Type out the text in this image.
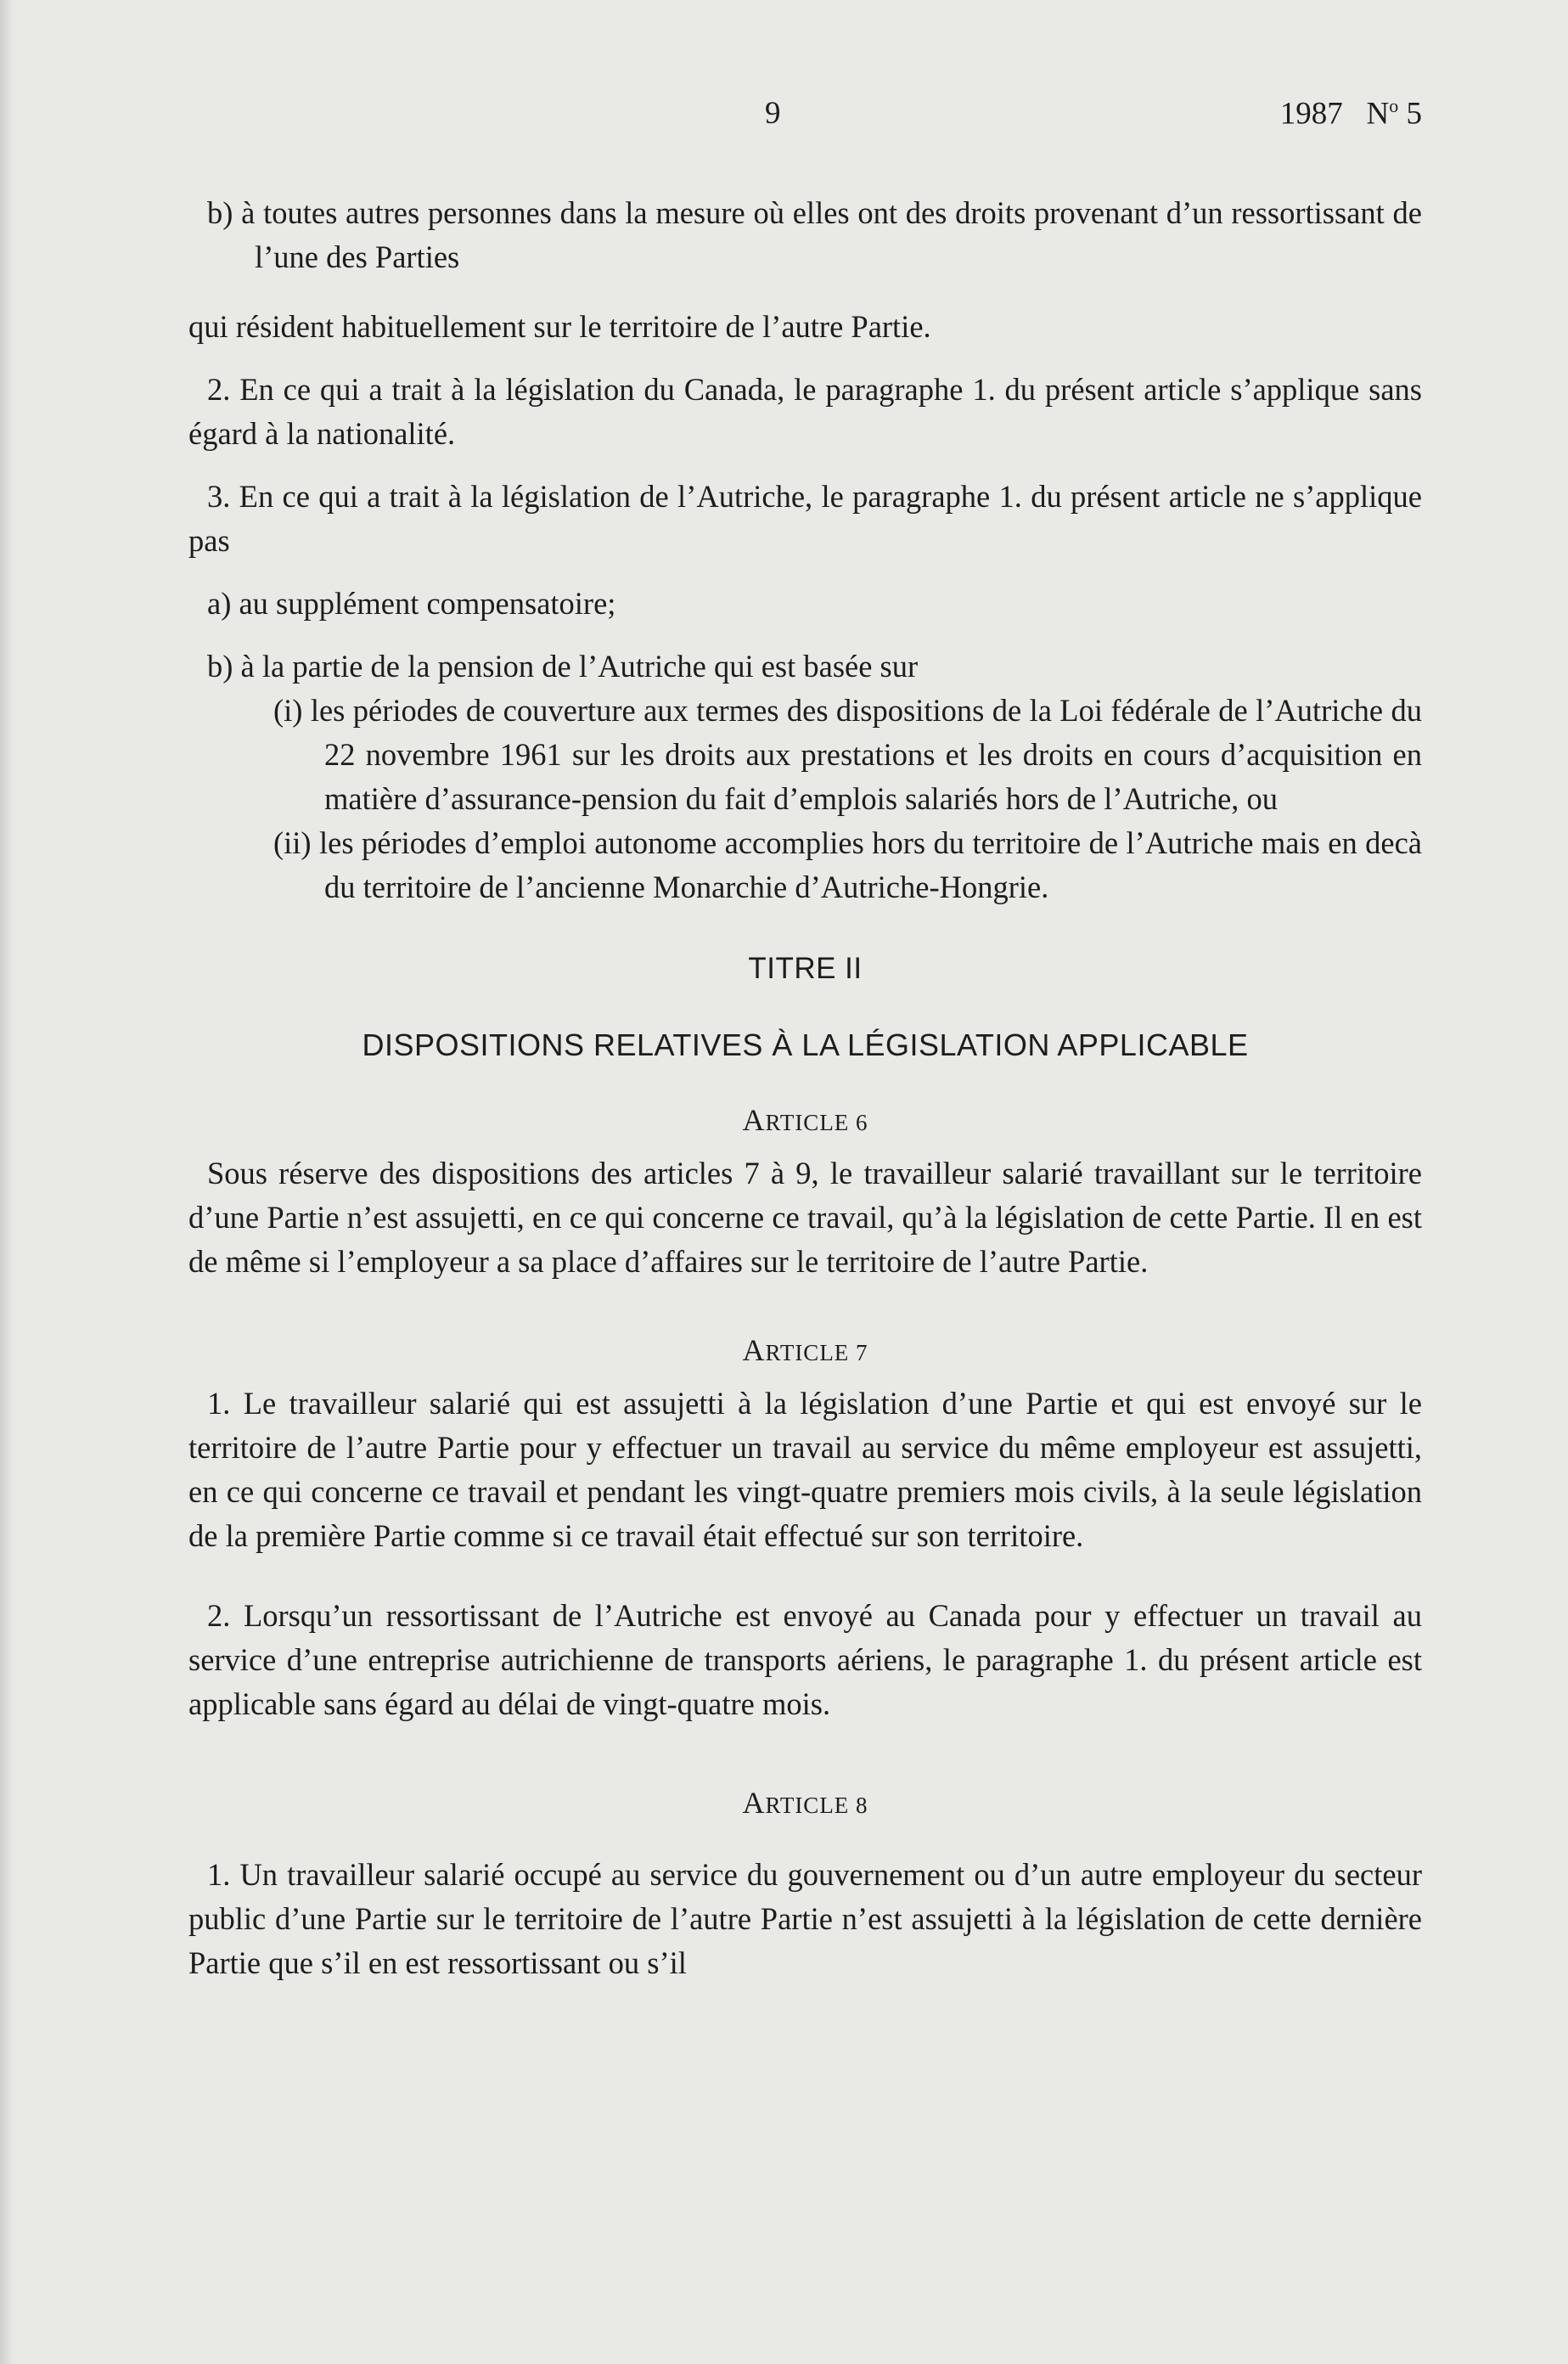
9	1987 $N^o$ 5

b) à toutes autres personnes dans la mesure où elles ont des droits provenant d’un ressortissant de l’une des Parties

qui résident habituellement sur le territoire de l’autre Partie.

2. En ce qui a trait à la législation du Canada, le paragraphe 1. du présent article s’applique sans égard à la nationalité.

3. En ce qui a trait à la législation de l’Autriche, le paragraphe 1. du présent article ne s’applique pas

a) au supplément compensatoire;

b) à la partie de la pension de l’Autriche qui est basée sur

(i) les périodes de couverture aux termes des dispositions de la Loi fédérale de l’Autriche du 22 novembre 1961 sur les droits aux prestations et les droits en cours d’acquisition en matière d’assurance-pension du fait d’emplois salariés hors de l’Autriche, ou

(ii) les périodes d’emploi autonome accomplies hors du territoire de l’Autriche mais en decà du territoire de l’ancienne Monarchie d’Autriche-Hongrie.

TITRE II

DISPOSITIONS RELATIVES À LA LÉGISLATION APPLICABLE

ARTICLE 6

Sous réserve des dispositions des articles 7 à 9, le travailleur salarié travaillant sur le territoire d’une Partie n’est assujetti, en ce qui concerne ce travail, qu’à la législation de cette Partie. Il en est de même si l’employeur a sa place d’affaires sur le territoire de l’autre Partie.

ARTICLE 7

1. Le travailleur salarié qui est assujetti à la législation d’une Partie et qui est envoyé sur le territoire de l’autre Partie pour y effectuer un travail au service du même employeur est assujetti, en ce qui concerne ce travail et pendant les vingt-quatre premiers mois civils, à la seule législation de la première Partie comme si ce travail était effectué sur son territoire.

2. Lorsqu’un ressortissant de l’Autriche est envoyé au Canada pour y effectuer un travail au service d’une entreprise autrichienne de transports aériens, le paragraphe 1. du présent article est applicable sans égard au délai de vingt-quatre mois.

ARTICLE 8

1. Un travailleur salarié occupé au service du gouvernement ou d’un autre employeur du secteur public d’une Partie sur le territoire de l’autre Partie n’est assujetti à la législation de cette dernière Partie que s’il en est ressortissant ou s’il
